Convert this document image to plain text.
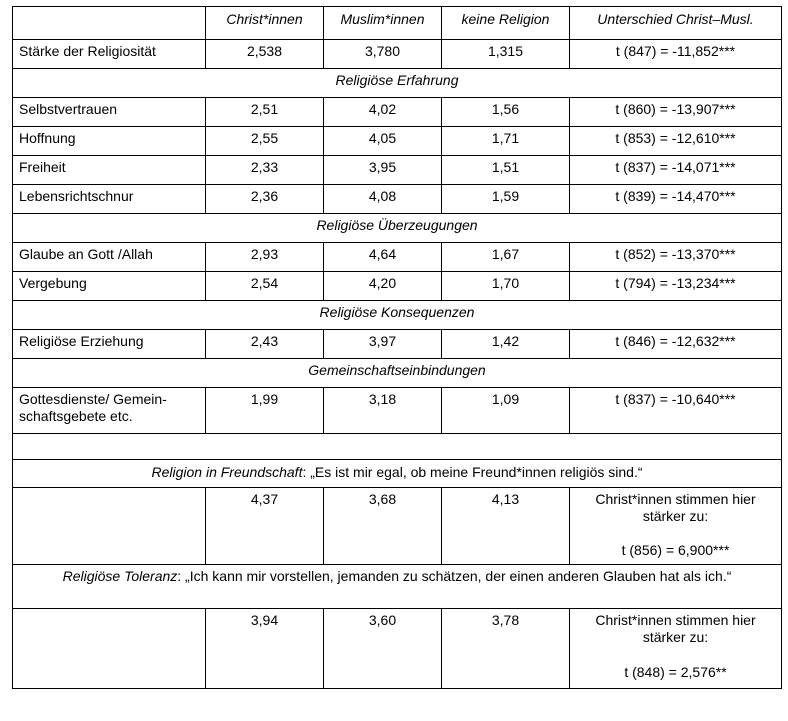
	Christ*innen	Muslim*innen	keine Religion	Unterschied Christ–Musl.
Stärke der Religiosität	2,538	3,780	1,315	t (847) = -11,852***
Religiöse Erfahrung				
Selbstvertrauen	2,51	4,02	1,56	t (860) = -13,907***
Hoffnung	2,55	4,05	1,71	t (853) = -12,610***
Freiheit	2,33	3,95	1,51	t (837) = -14,071***
Lebensrichtschnur	2,36	4,08	1,59	t (839) = -14,470***
Religiöse Überzeugungen				
Glaube an Gott /Allah	2,93	4,64	1,67	t (852) = -13,370***
Vergebung	2,54	4,20	1,70	t (794) = -13,234***
Religiöse Konsequenzen				
Religiöse Erziehung	2,43	3,97	1,42	t (846) = -12,632***
Gemeinschaftseinbindungen				
Gottesdienste/ Gemein-
schaftsgebete etc.	1,99	3,18	1,09	t (837) = -10,640***

Religion in Freundschaft: „Es ist mir egal, ob meine Freund*innen religiös sind.“				
	4,37	3,68	4,13	Christ*innen stimmen hier stärker zu:
t (856) = 6,900***

Religiöse Toleranz: „Ich kann mir vorstellen, jemanden zu schätzen, der einen anderen Glauben hat als ich.“				
	3,94	3,60	3,78	Christ*innen stimmen hier stärker zu:
t (848) = 2,576**
